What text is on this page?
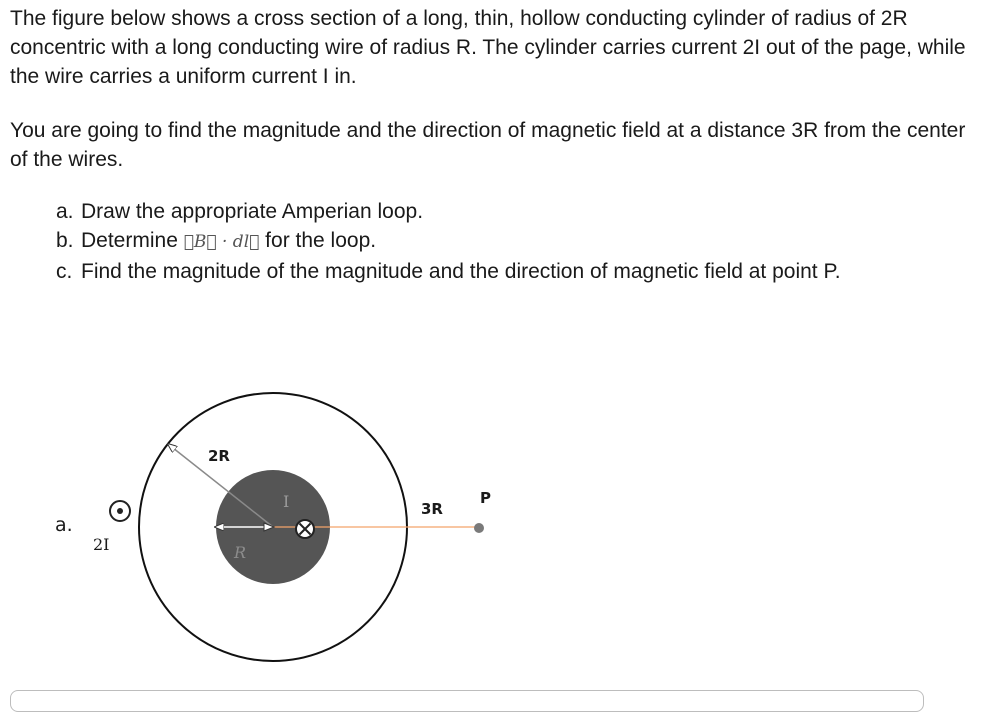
The figure below shows a cross section of a long, thin, hollow conducting cylinder of radius of 2R concentric with a long conducting wire of radius R. The cylinder carries current 2I out of the page, while the wire carries a uniform current I in.

You are going to find the magnitude and the direction of magnetic field at a distance 3R from the center of the wires.

a. Draw the appropriate Amperian loop.
b. Determine ∮B⃗ · dl⃗ for the loop.
c. Find the magnitude of the magnitude and the direction of magnetic field at point P.
a.
2R
I
R
3R
P
2I
